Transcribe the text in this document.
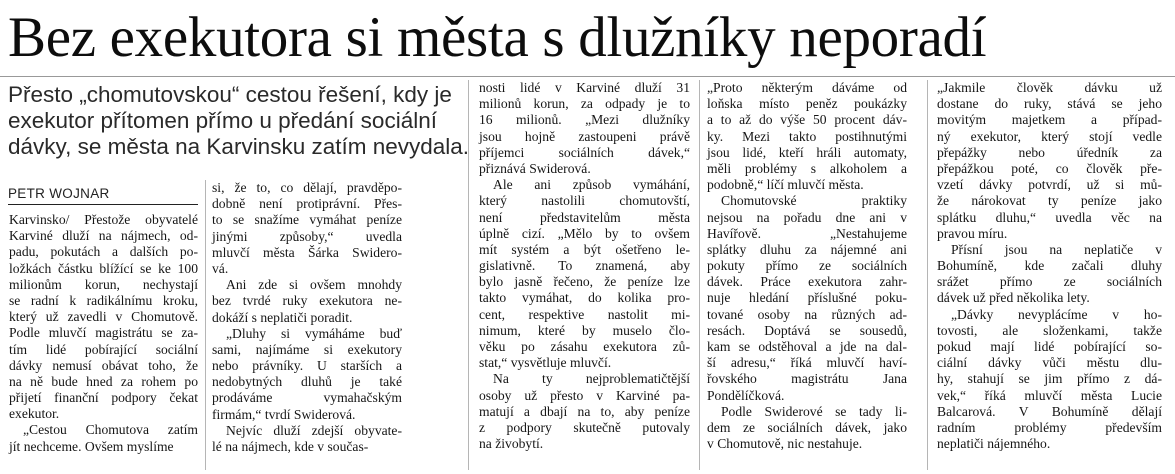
Bez exekutora si města s dlužníky neporadí
Přesto „chomutovskou“ cestou řešení, kdy je
exekutor přítomen přímo u předání sociální
dávky, se města na Karvinsku zatím nevydala.
PETR WOJNAR
Karvinsko/ Přestože obyvatelé
Karviné dluží na nájmech, od-
padu, pokutách a dalších po-
ložkách částku blížící se ke 100
milionům korun, nechystají
se radní k radikálnímu kroku,
který už zavedli v Chomutově.
Podle mluvčí magistrátu se za-
tím lidé pobírající sociální
dávky nemusí obávat toho, že
na ně bude hned za rohem po
přijetí finanční podpory čekat
exekutor.
„Cestou Chomutova zatím
jít nechceme. Ovšem myslíme
si, že to, co dělají, pravděpo-
dobně není protiprávní. Přes-
to se snažíme vymáhat peníze
jinými způsoby,“ uvedla
mluvčí města Šárka Swidero-
vá.
Ani zde si ovšem mnohdy
bez tvrdé ruky exekutora ne-
dokáží s neplatiči poradit.
„Dluhy si vymáháme buď
sami, najímáme si exekutory
nebo právníky. U starších a
nedobytných dluhů je také
prodáváme vymahačským
firmám,“ tvrdí Swiderová.
Nejvíc dluží zdejší obyvate-
lé na nájmech, kde v součas-
nosti lidé v Karviné dluží 31
milionů korun, za odpady je to
16 milionů. „Mezi dlužníky
jsou hojně zastoupeni právě
příjemci sociálních dávek,“
přiznává Swiderová.
Ale ani způsob vymáhání,
který nastolili chomutovští,
není představitelům města
úplně cizí. „Mělo by to ovšem
mít systém a být ošetřeno le-
gislativně. To znamená, aby
bylo jasně řečeno, že peníze lze
takto vymáhat, do kolika pro-
cent, respektive nastolit mi-
nimum, které by muselo člo-
věku po zásahu exekutora zů-
stat,“ vysvětluje mluvčí.
Na ty nejproblematičtější
osoby už přesto v Karviné pa-
matují a dbají na to, aby peníze
z podpory skutečně putovaly
na živobytí.
„Proto některým dáváme od
loňska místo peněz poukázky
a to až do výše 50 procent dáv-
ky. Mezi takto postihnutými
jsou lidé, kteří hráli automaty,
měli problémy s alkoholem a
podobně,“ líčí mluvčí města.
Chomutovské praktiky
nejsou na pořadu dne ani v
Havířově. „Nestahujeme
splátky dluhu za nájemné ani
pokuty přímo ze sociálních
dávek. Práce exekutora zahr-
nuje hledání příslušné poku-
tované osoby na různých ad-
resách. Doptává se sousedů,
kam se odstěhoval a jde na dal-
ší adresu,“ říká mluvčí haví-
řovského magistrátu Jana
Pondělíčková.
Podle Swiderové se tady li-
dem ze sociálních dávek, jako
v Chomutově, nic nestahuje.
„Jakmile člověk dávku už
dostane do ruky, stává se jeho
movitým majetkem a případ-
ný exekutor, který stojí vedle
přepážky nebo úředník za
přepážkou poté, co člověk pře-
vzetí dávky potvrdí, už si mů-
že nárokovat ty peníze jako
splátku dluhu,“ uvedla věc na
pravou míru.
Přísní jsou na neplatiče v
Bohumíně, kde začali dluhy
srážet přímo ze sociálních
dávek už před několika lety.
„Dávky nevyplácíme v ho-
tovosti, ale složenkami, takže
pokud mají lidé pobírající so-
ciální dávky vůči městu dlu-
hy, stahují se jim přímo z dá-
vek,“ říká mluvčí města Lucie
Balcarová. V Bohumíně dělají
radním problémy především
neplatiči nájemného.
